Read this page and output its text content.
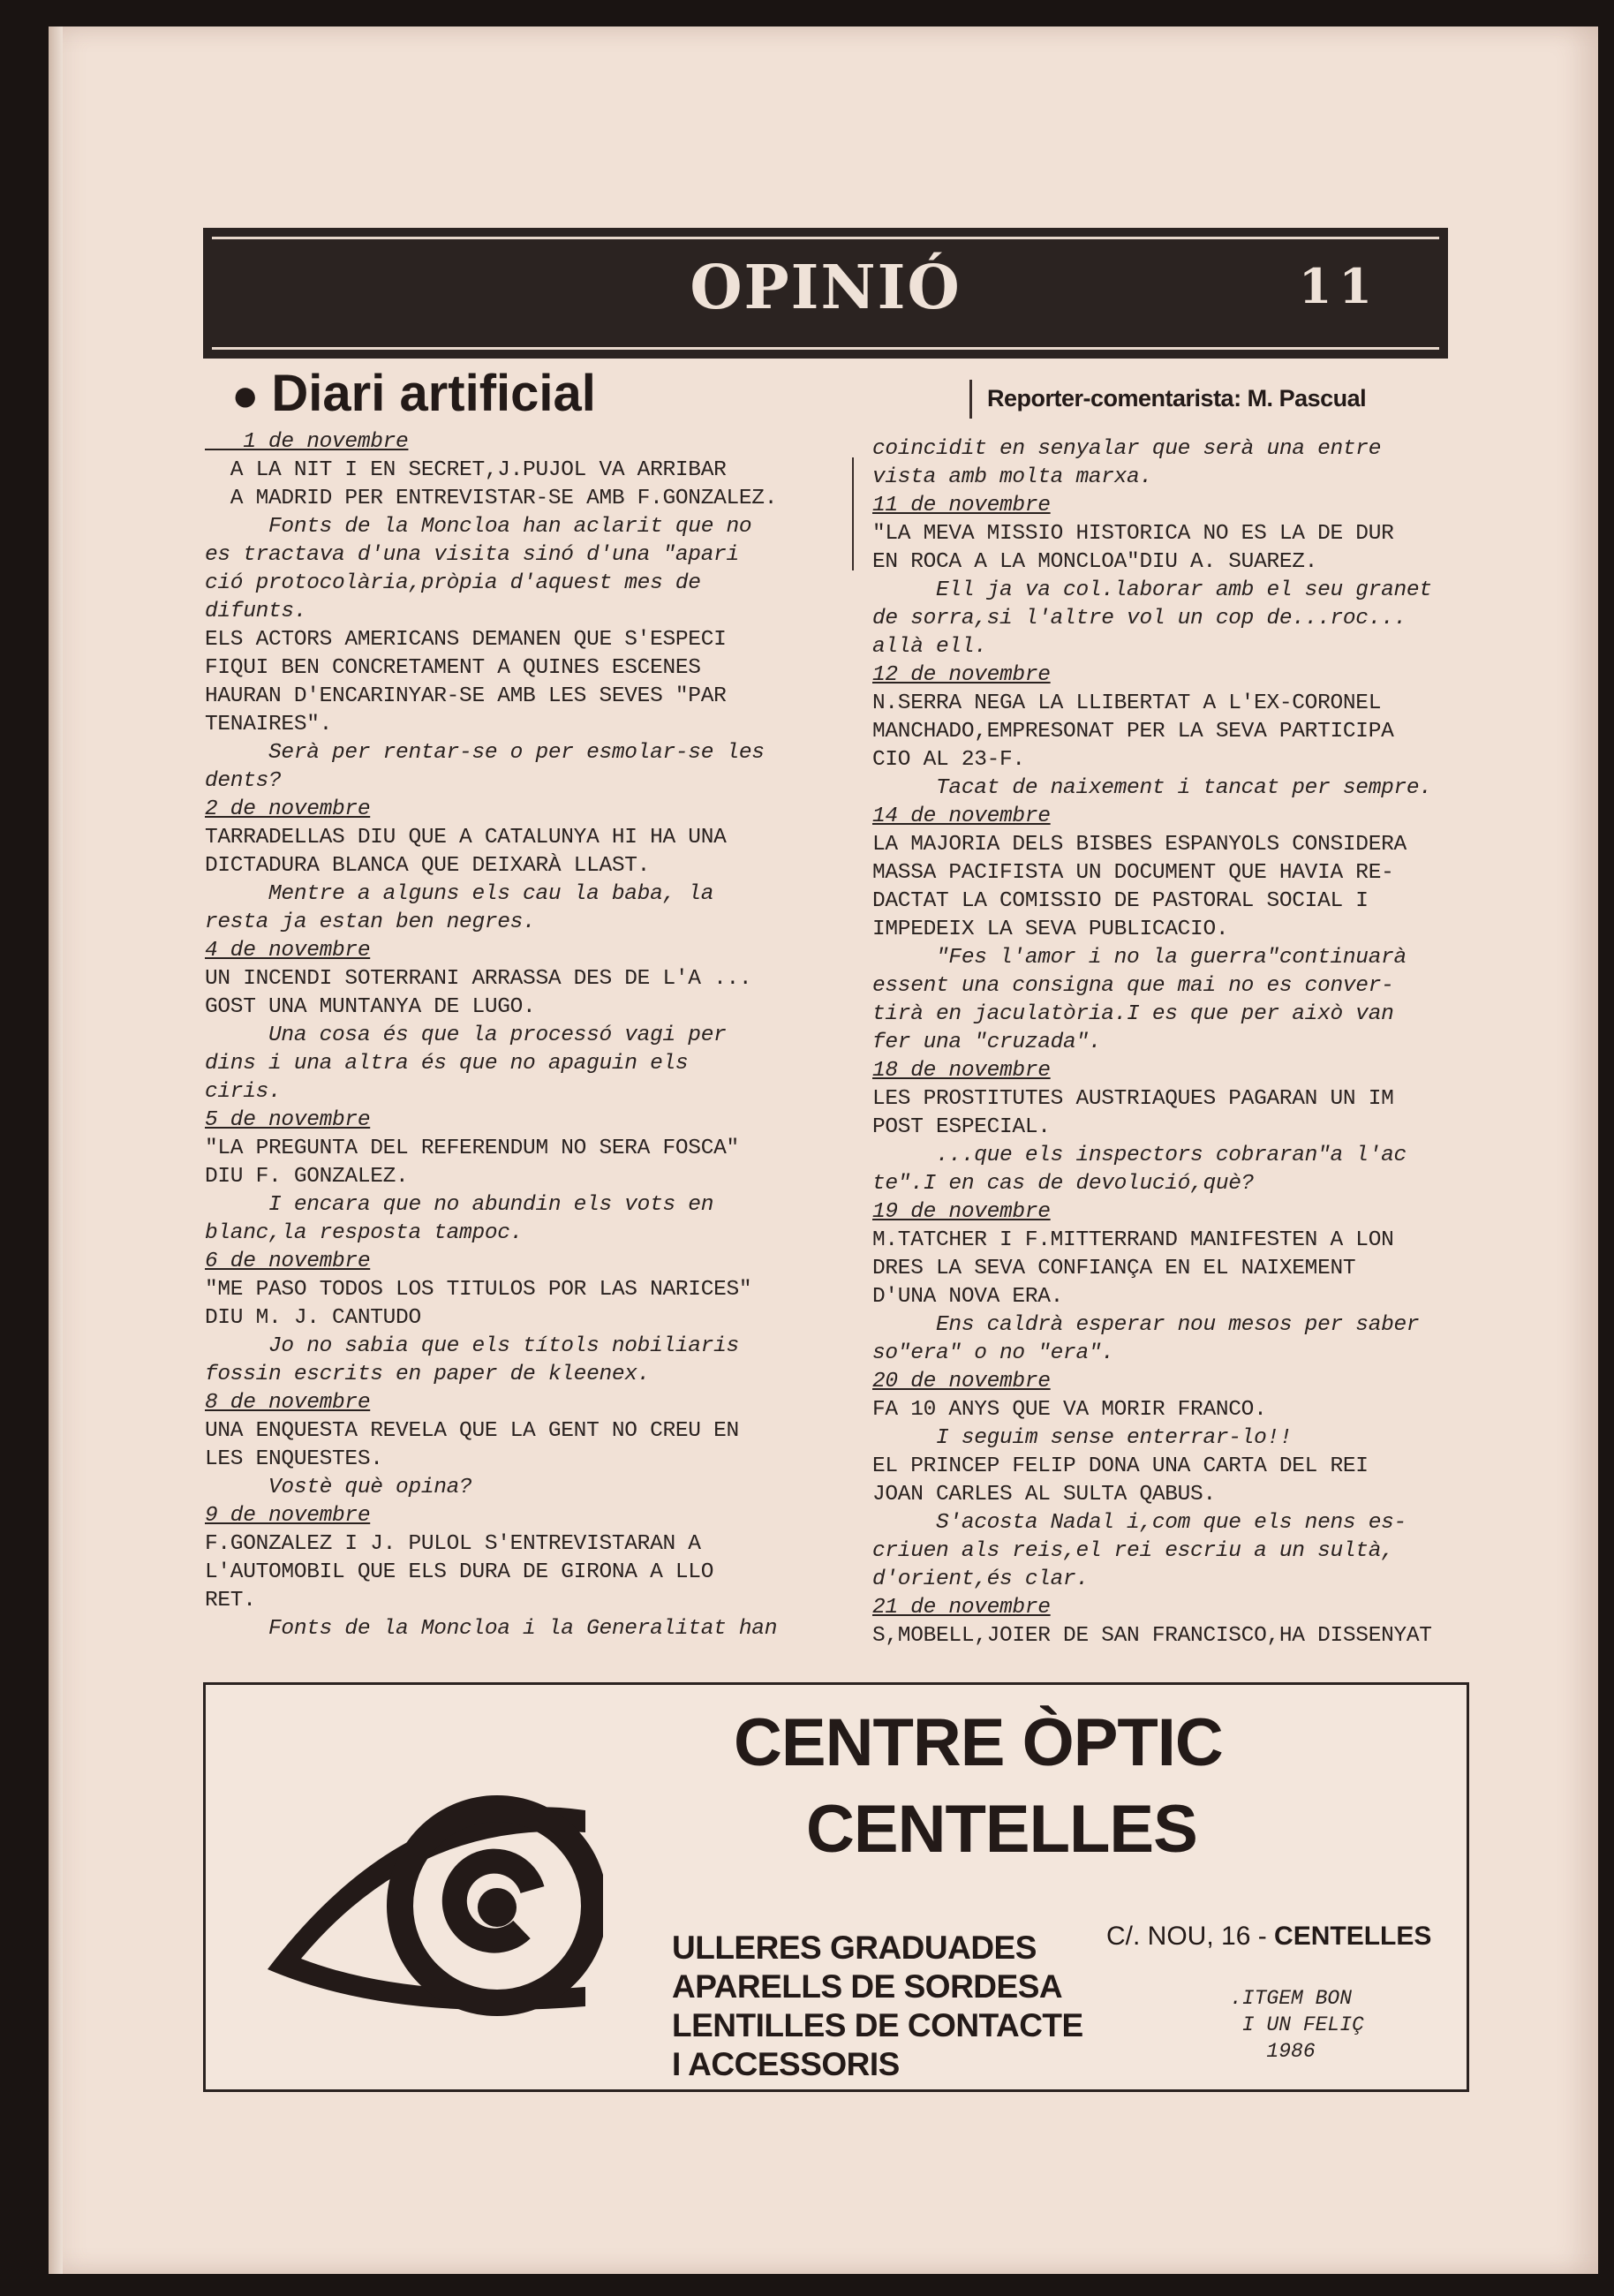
OPINIÓ	11
● Diari artificial	Reporter-comentarista: M. Pascual
1 de novembre
A LA NIT I EN SECRET,J.PUJOL VA ARRIBAR
A MADRID PER ENTREVISTAR-SE AMB F.GONZALEZ.
Fonts de la Moncloa han aclarit que no
es tractava d'una visita sinó d'una "apari
ció protocolària,pròpia d'aquest mes de
difunts.
ELS ACTORS AMERICANS DEMANEN QUE S'ESPECI
FIQUI BEN CONCRETAMENT A QUINES ESCENES
HAURAN D'ENCARINYAR-SE AMB LES SEVES "PAR
TENAIRES".
Serà per rentar-se o per esmolar-se les
dents?
2 de novembre
TARRADELLAS DIU QUE A CATALUNYA HI HA UNA
DICTADURA BLANCA QUE DEIXARÀ LLAST.
Mentre a alguns els cau la baba, la
resta ja estan ben negres.
4 de novembre
UN INCENDI SOTERRANI ARRASSA DES DE L'A ...
GOST UNA MUNTANYA DE LUGO.
Una cosa és que la processó vagi per
dins i una altra és que no apaguin els
ciris.
5 de novembre
"LA PREGUNTA DEL REFERENDUM NO SERA FOSCA"
DIU F. GONZALEZ.
I encara que no abundin els vots en
blanc,la resposta tampoc.
6 de novembre
"ME PASO TODOS LOS TITULOS POR LAS NARICES"
DIU M. J. CANTUDO
Jo no sabia que els títols nobiliaris
fossin escrits en paper de kleenex.
8 de novembre
UNA ENQUESTA REVELA QUE LA GENT NO CREU EN
LES ENQUESTES.
Vostè què opina?
9 de novembre
F.GONZALEZ I J. PULOL S'ENTREVISTARAN A
L'AUTOMOBIL QUE ELS DURA DE GIRONA A LLO
RET.
Fonts de la Moncloa i la Generalitat han
coincidit en senyalar que serà una entre
vista amb molta marxa.
11 de novembre
"LA MEVA MISSIO HISTORICA NO ES LA DE DUR
EN ROCA A LA MONCLOA"DIU A. SUAREZ.
Ell ja va col.laborar amb el seu granet
de sorra,si l'altre vol un cop de...roc...
allà ell.
12 de novembre
N.SERRA NEGA LA LLIBERTAT A L'EX-CORONEL
MANCHADO,EMPRESONAT PER LA SEVA PARTICIPA
CIO AL 23-F.
Tacat de naixement i tancat per sempre.
14 de novembre
LA MAJORIA DELS BISBES ESPANYOLS CONSIDERA
MASSA PACIFISTA UN DOCUMENT QUE HAVIA RE-
DACTAT LA COMISSIO DE PASTORAL SOCIAL I
IMPEDEIX LA SEVA PUBLICACIO.
"Fes l'amor i no la guerra"continuarà
essent una consigna que mai no es conver-
tirà en jaculatòria.I es que per això van
fer una "cruzada".
18 de novembre
LES PROSTITUTES AUSTRIAQUES PAGARAN UN IM
POST ESPECIAL.
...que els inspectors cobraran"a l'ac
te".I en cas de devolució,què?
19 de novembre
M.TATCHER I F.MITTERRAND MANIFESTEN A LON
DRES LA SEVA CONFIANÇA EN EL NAIXEMENT
D'UNA NOVA ERA.
Ens caldrà esperar nou mesos per saber
so"era" o no "era".
20 de novembre
FA 10 ANYS QUE VA MORIR FRANCO.
I seguim sense enterrar-lo!!
EL PRINCEP FELIP DONA UNA CARTA DEL REI
JOAN CARLES AL SULTA QABUS.
S'acosta Nadal i,com que els nens es-
criuen als reis,el rei escriu a un sultà,
d'orient,és clar.
21 de novembre
S,MOBELL,JOIER DE SAN FRANCISCO,HA DISSENYAT
CENTRE ÒPTIC
CENTELLES
C/. NOU, 16 - CENTELLES
ULLERES GRADUADES
APARELLS DE SORDESA
LENTILLES DE CONTACTE
I ACCESSORIS
.ITGEM BON
I UN FELIÇ
1986
